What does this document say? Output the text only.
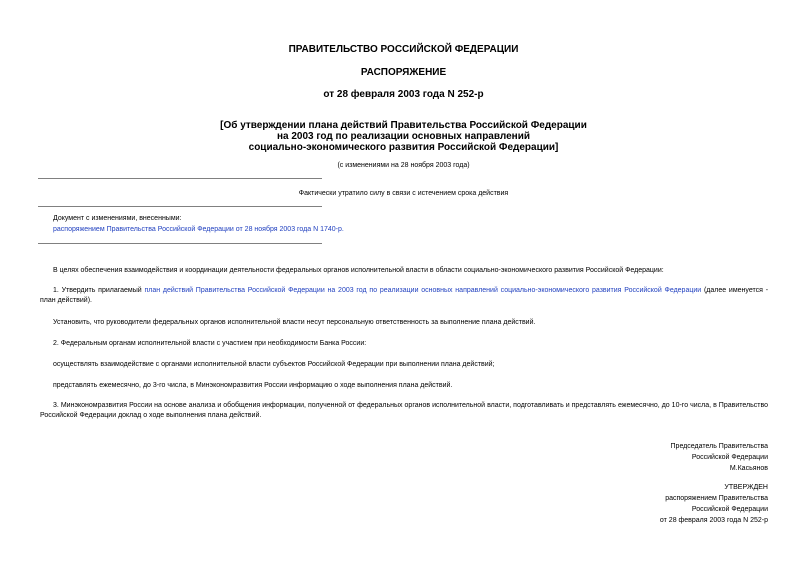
ПРАВИТЕЛЬСТВО РОССИЙСКОЙ ФЕДЕРАЦИИ
РАСПОРЯЖЕНИЕ
от 28 февраля 2003 года N 252-р
[Об утверждении плана действий Правительства Российской Федерации
на 2003 год по реализации основных направлений
социально-экономического развития Российской Федерации]
(с изменениями на 28 ноября 2003 года)
Фактически утратило силу в связи с истечением срока действия
Документ с изменениями, внесенными:
распоряжением Правительства Российской Федерации от 28 ноября 2003 года N 1740-р.
В целях обеспечения взаимодействия и координации деятельности федеральных органов исполнительной власти в области социально-экономического развития Российской Федерации:
1. Утвердить прилагаемый план действий Правительства Российской Федерации на 2003 год по реализации основных направлений социально-экономического развития Российской Федерации (далее именуется - план действий).
Установить, что руководители федеральных органов исполнительной власти несут персональную ответственность за выполнение плана действий.
2. Федеральным органам исполнительной власти с участием при необходимости Банка России:
осуществлять взаимодействие с органами исполнительной власти субъектов Российской Федерации при выполнении плана действий;
представлять ежемесячно, до 3-го числа, в Минэкономразвития России информацию о ходе выполнения плана действий.
3. Минэкономразвития России на основе анализа и обобщения информации, полученной от федеральных органов исполнительной власти, подготавливать и представлять ежемесячно, до 10-го числа, в Правительство Российской Федерации доклад о ходе выполнения плана действий.
Председатель Правительства
Российской Федерации
М.Касьянов
УТВЕРЖДЕН
распоряжением Правительства
Российской Федерации
от 28 февраля 2003 года N 252-р
